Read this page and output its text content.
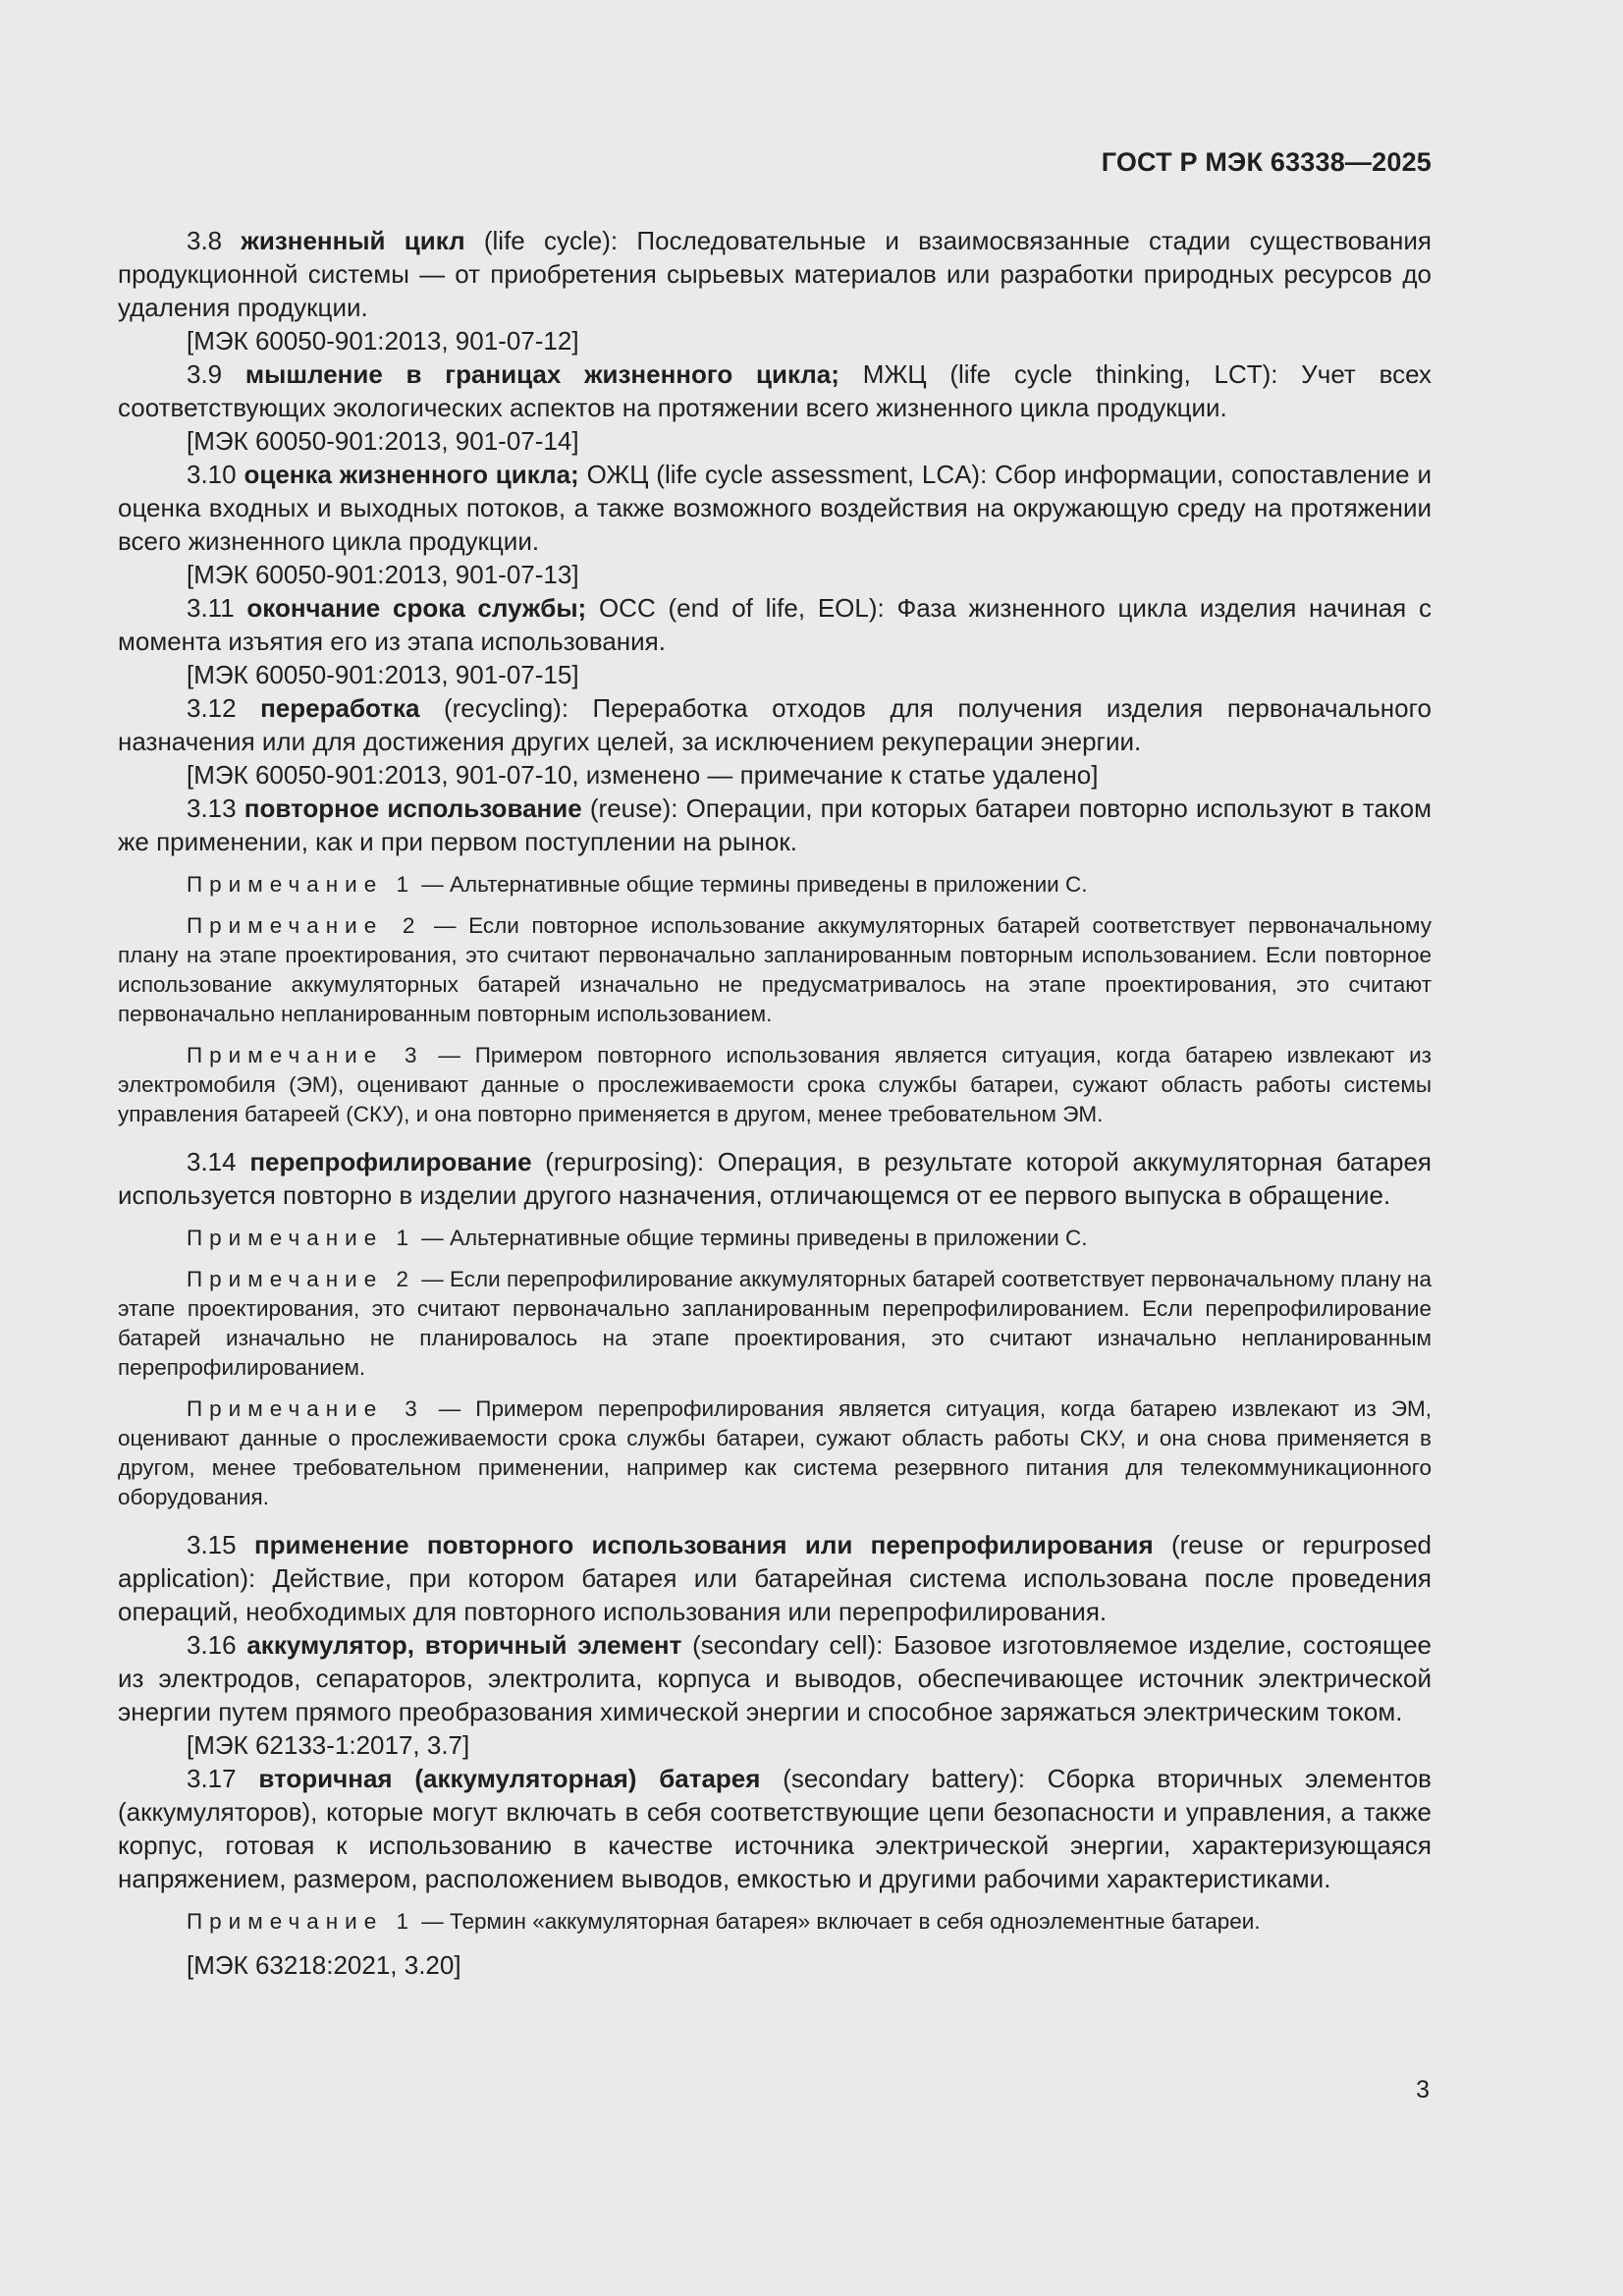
ГОСТ Р МЭК 63338—2025

3.8 жизненный цикл (life cycle): Последовательные и взаимосвязанные стадии существования продукционной системы — от приобретения сырьевых материалов или разработки природных ресурсов до удаления продукции.

[МЭК 60050-901:2013, 901-07-12]

3.9 мышление в границах жизненного цикла; МЖЦ (life cycle thinking, LCT): Учет всех соответствующих экологических аспектов на протяжении всего жизненного цикла продукции.

[МЭК 60050-901:2013, 901-07-14]

3.10 оценка жизненного цикла; ОЖЦ (life cycle assessment, LCA): Сбор информации, сопоставление и оценка входных и выходных потоков, а также возможного воздействия на окружающую среду на протяжении всего жизненного цикла продукции.

[МЭК 60050-901:2013, 901-07-13]

3.11 окончание срока службы; ОСС (end of life, EOL): Фаза жизненного цикла изделия начиная с момента изъятия его из этапа использования.

[МЭК 60050-901:2013, 901-07-15]

3.12 переработка (recycling): Переработка отходов для получения изделия первоначального назначения или для достижения других целей, за исключением рекуперации энергии.

[МЭК 60050-901:2013, 901-07-10, изменено — примечание к статье удалено]

3.13 повторное использование (reuse): Операции, при которых батареи повторно используют в таком же применении, как и при первом поступлении на рынок.

Примечание 1 — Альтернативные общие термины приведены в приложении С.

Примечание 2 — Если повторное использование аккумуляторных батарей соответствует первоначальному плану на этапе проектирования, это считают первоначально запланированным повторным использованием. Если повторное использование аккумуляторных батарей изначально не предусматривалось на этапе проектирования, это считают первоначально непланированным повторным использованием.

Примечание 3 — Примером повторного использования является ситуация, когда батарею извлекают из электромобиля (ЭМ), оценивают данные о прослеживаемости срока службы батареи, сужают область работы системы управления батареей (СКУ), и она повторно применяется в другом, менее требовательном ЭМ.

3.14 перепрофилирование (repurposing): Операция, в результате которой аккумуляторная батарея используется повторно в изделии другого назначения, отличающемся от ее первого выпуска в обращение.

Примечание 1 — Альтернативные общие термины приведены в приложении С.

Примечание 2 — Если перепрофилирование аккумуляторных батарей соответствует первоначальному плану на этапе проектирования, это считают первоначально запланированным перепрофилированием. Если перепрофилирование батарей изначально не планировалось на этапе проектирования, это считают изначально непланированным перепрофилированием.

Примечание 3 — Примером перепрофилирования является ситуация, когда батарею извлекают из ЭМ, оценивают данные о прослеживаемости срока службы батареи, сужают область работы СКУ, и она снова применяется в другом, менее требовательном применении, например как система резервного питания для телекоммуникационного оборудования.

3.15 применение повторного использования или перепрофилирования (reuse or repurposed application): Действие, при котором батарея или батарейная система использована после проведения операций, необходимых для повторного использования или перепрофилирования.

3.16 аккумулятор, вторичный элемент (secondary cell): Базовое изготовляемое изделие, состоящее из электродов, сепараторов, электролита, корпуса и выводов, обеспечивающее источник электрической энергии путем прямого преобразования химической энергии и способное заряжаться электрическим током.

[МЭК 62133-1:2017, 3.7]

3.17 вторичная (аккумуляторная) батарея (secondary battery): Сборка вторичных элементов (аккумуляторов), которые могут включать в себя соответствующие цепи безопасности и управления, а также корпус, готовая к использованию в качестве источника электрической энергии, характеризующаяся напряжением, размером, расположением выводов, емкостью и другими рабочими характеристиками.

Примечание 1 — Термин «аккумуляторная батарея» включает в себя одноэлементные батареи.

[МЭК 63218:2021, 3.20]

3
